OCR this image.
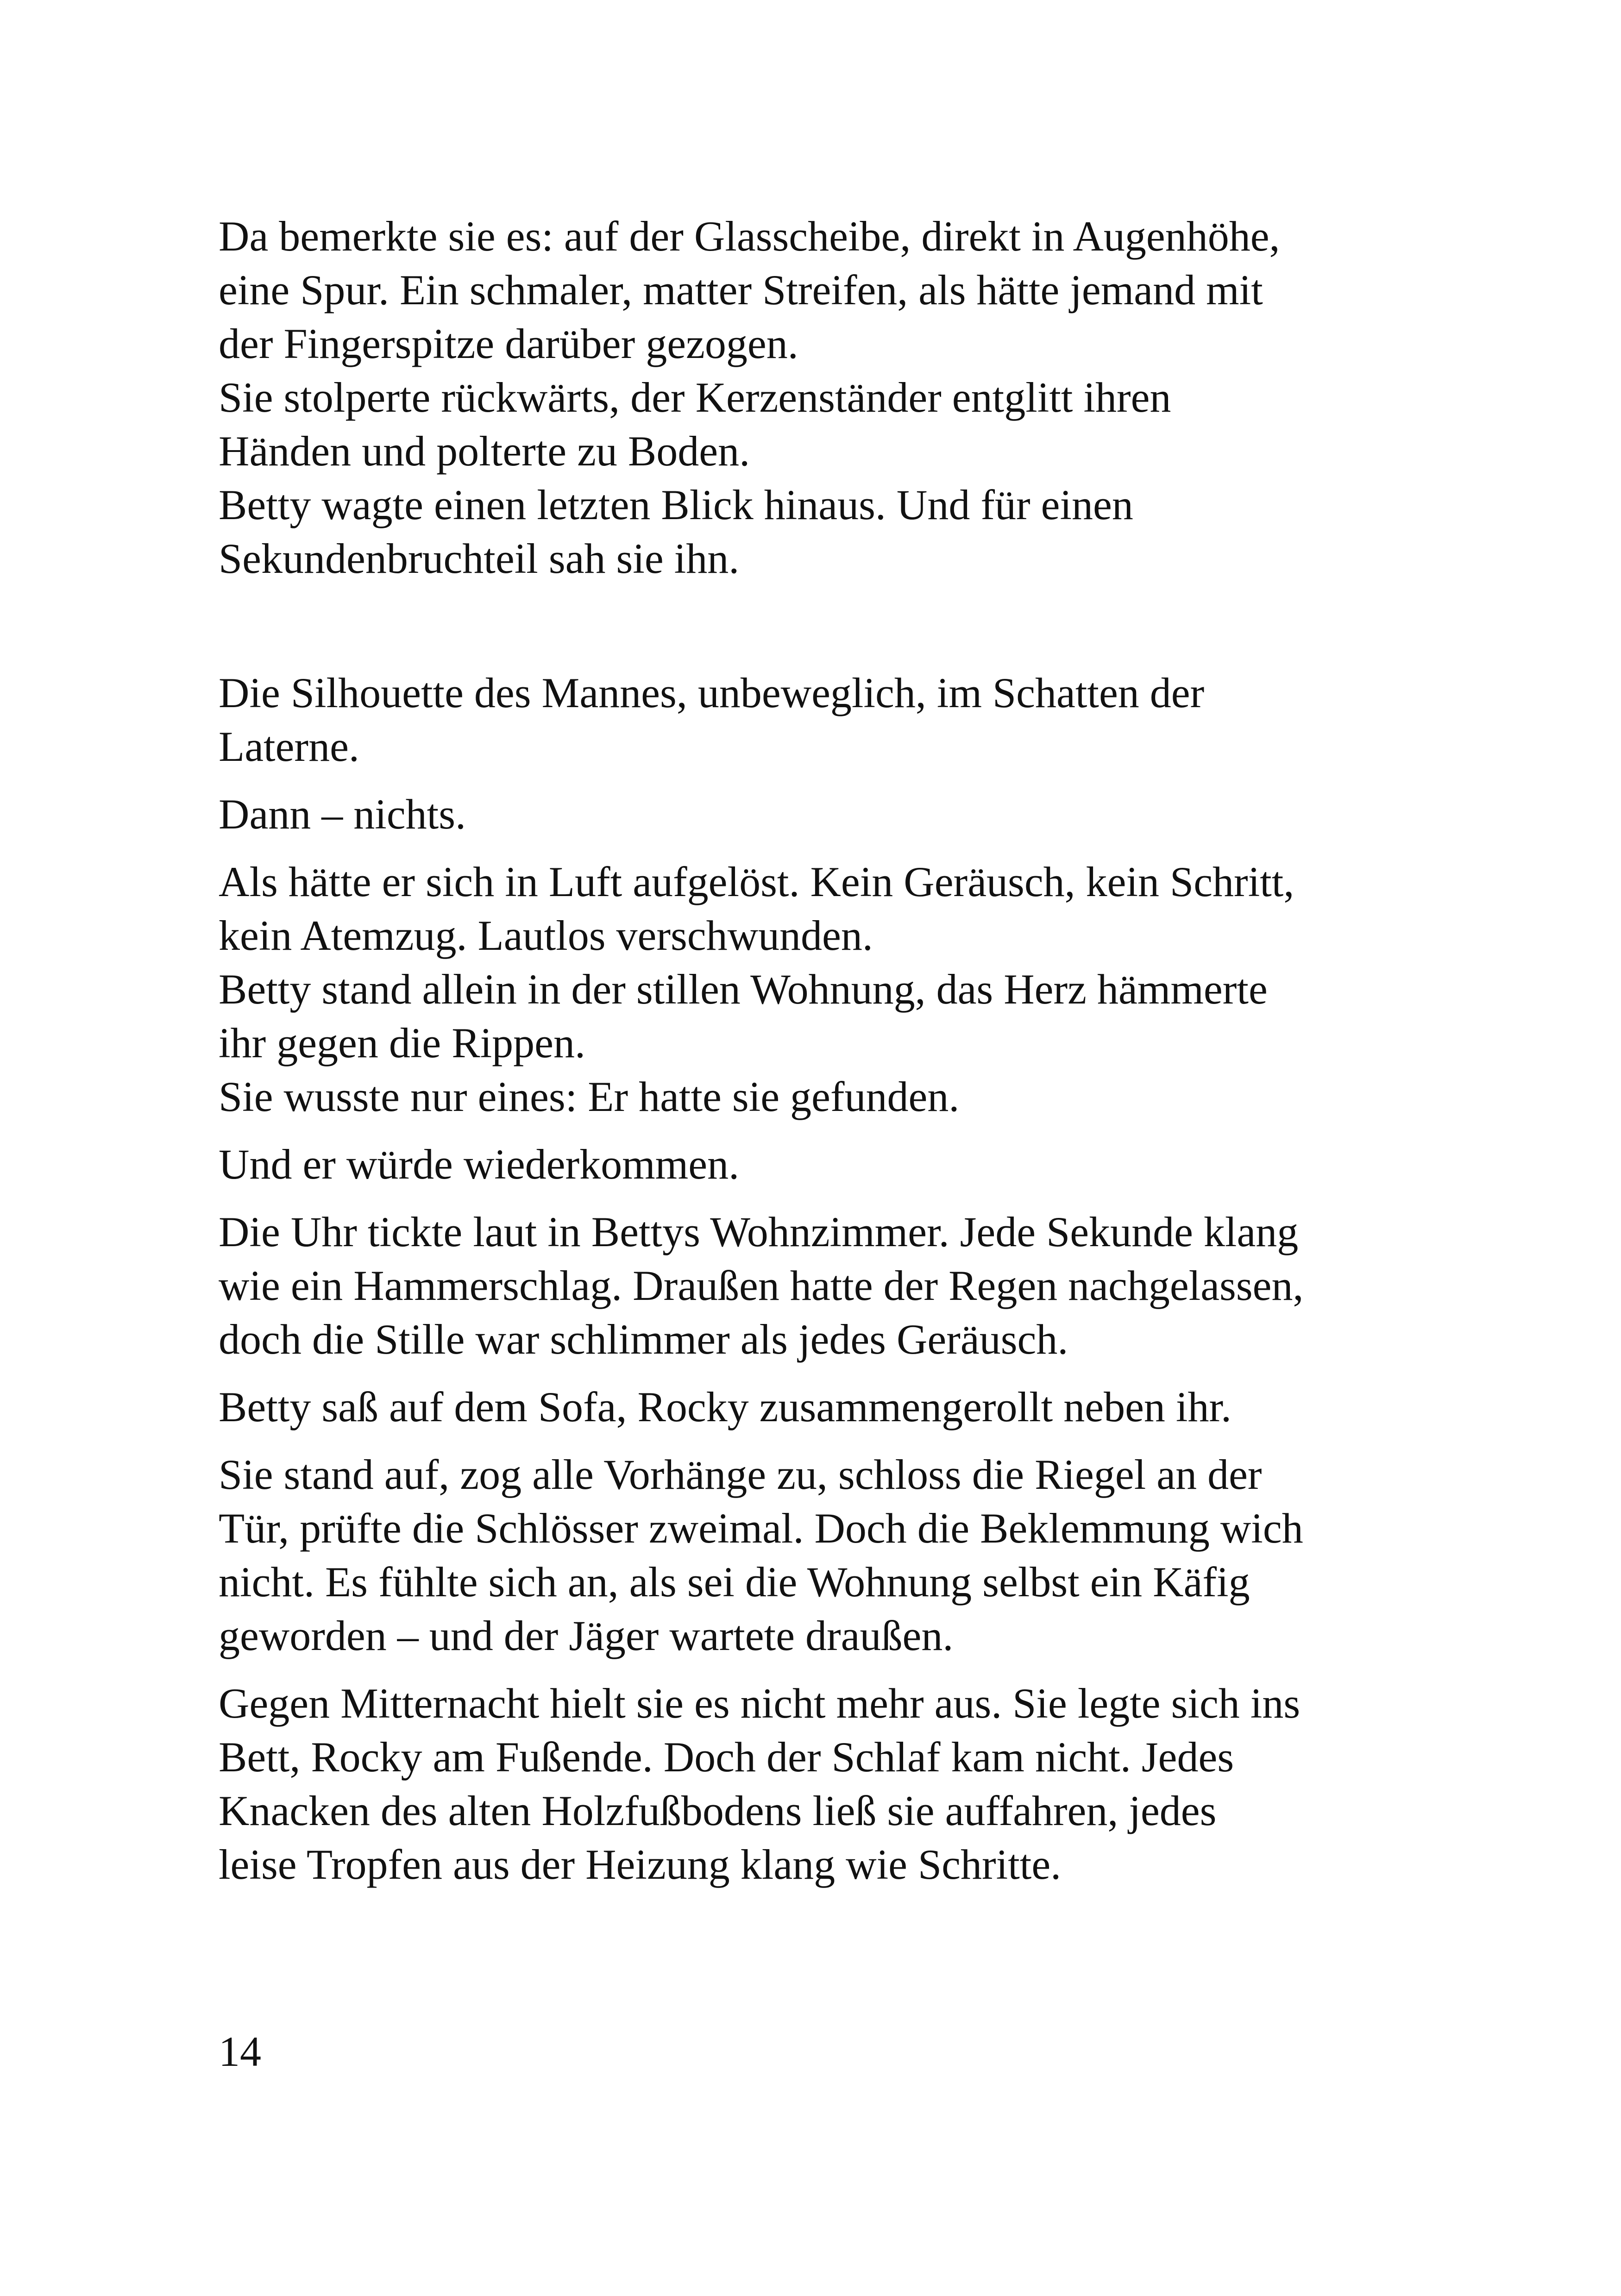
Da bemerkte sie es: auf der Glasscheibe, direkt in Augenhöhe,
eine Spur. Ein schmaler, matter Streifen, als hätte jemand mit
der Fingerspitze darüber gezogen.
Sie stolperte rückwärts, der Kerzenständer entglitt ihren
Händen und polterte zu Boden.
Betty wagte einen letzten Blick hinaus. Und für einen
Sekundenbruchteil sah sie ihn.

Die Silhouette des Mannes, unbeweglich, im Schatten der
Laterne.

Dann – nichts.

Als hätte er sich in Luft aufgelöst. Kein Geräusch, kein Schritt,
kein Atemzug. Lautlos verschwunden.
Betty stand allein in der stillen Wohnung, das Herz hämmerte
ihr gegen die Rippen.
Sie wusste nur eines: Er hatte sie gefunden.

Und er würde wiederkommen.

Die Uhr tickte laut in Bettys Wohnzimmer. Jede Sekunde klang
wie ein Hammerschlag. Draußen hatte der Regen nachgelassen,
doch die Stille war schlimmer als jedes Geräusch.

Betty saß auf dem Sofa, Rocky zusammengerollt neben ihr.

Sie stand auf, zog alle Vorhänge zu, schloss die Riegel an der
Tür, prüfte die Schlösser zweimal. Doch die Beklemmung wich
nicht. Es fühlte sich an, als sei die Wohnung selbst ein Käfig
geworden – und der Jäger wartete draußen.

Gegen Mitternacht hielt sie es nicht mehr aus. Sie legte sich ins
Bett, Rocky am Fußende. Doch der Schlaf kam nicht. Jedes
Knacken des alten Holzfußbodens ließ sie auffahren, jedes
leise Tropfen aus der Heizung klang wie Schritte.

14
